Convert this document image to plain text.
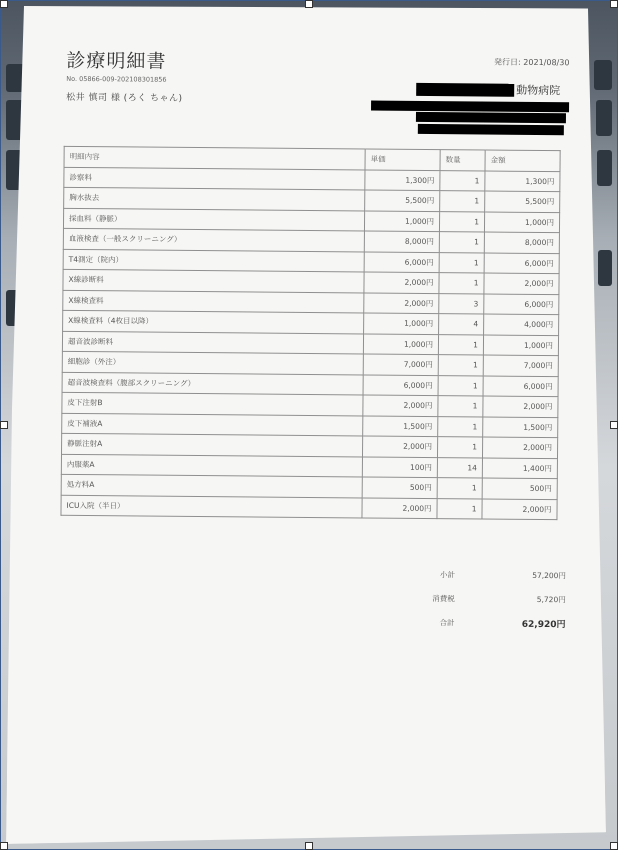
診療明細書	発行日: 2021/08/30
No. 05866-009-202108301856
松井 慎司 様 (ろく ちゃん)
動物病院
明細内容	単価	数量	金額
診察料	1,300円	1	1,300円
胸水抜去	5,500円	1	5,500円
採血料（静脈）	1,000円	1	1,000円
血液検査（一般スクリーニング）	8,000円	1	8,000円
T4測定（院内）	6,000円	1	6,000円
X線診断料	2,000円	1	2,000円
X線検査料	2,000円	3	6,000円
X線検査料（4枚目以降）	1,000円	4	4,000円
超音波診断料	1,000円	1	1,000円
細胞診（外注）	7,000円	1	7,000円
超音波検査料（腹部スクリーニング）	6,000円	1	6,000円
皮下注射B	2,000円	1	2,000円
皮下補液A	1,500円	1	1,500円
静脈注射A	2,000円	1	2,000円
内服薬A	100円	14	1,400円
処方料A	500円	1	500円
ICU入院（半日）	2,000円	1	2,000円
小計	57,200円
消費税	5,720円
合計	62,920円
